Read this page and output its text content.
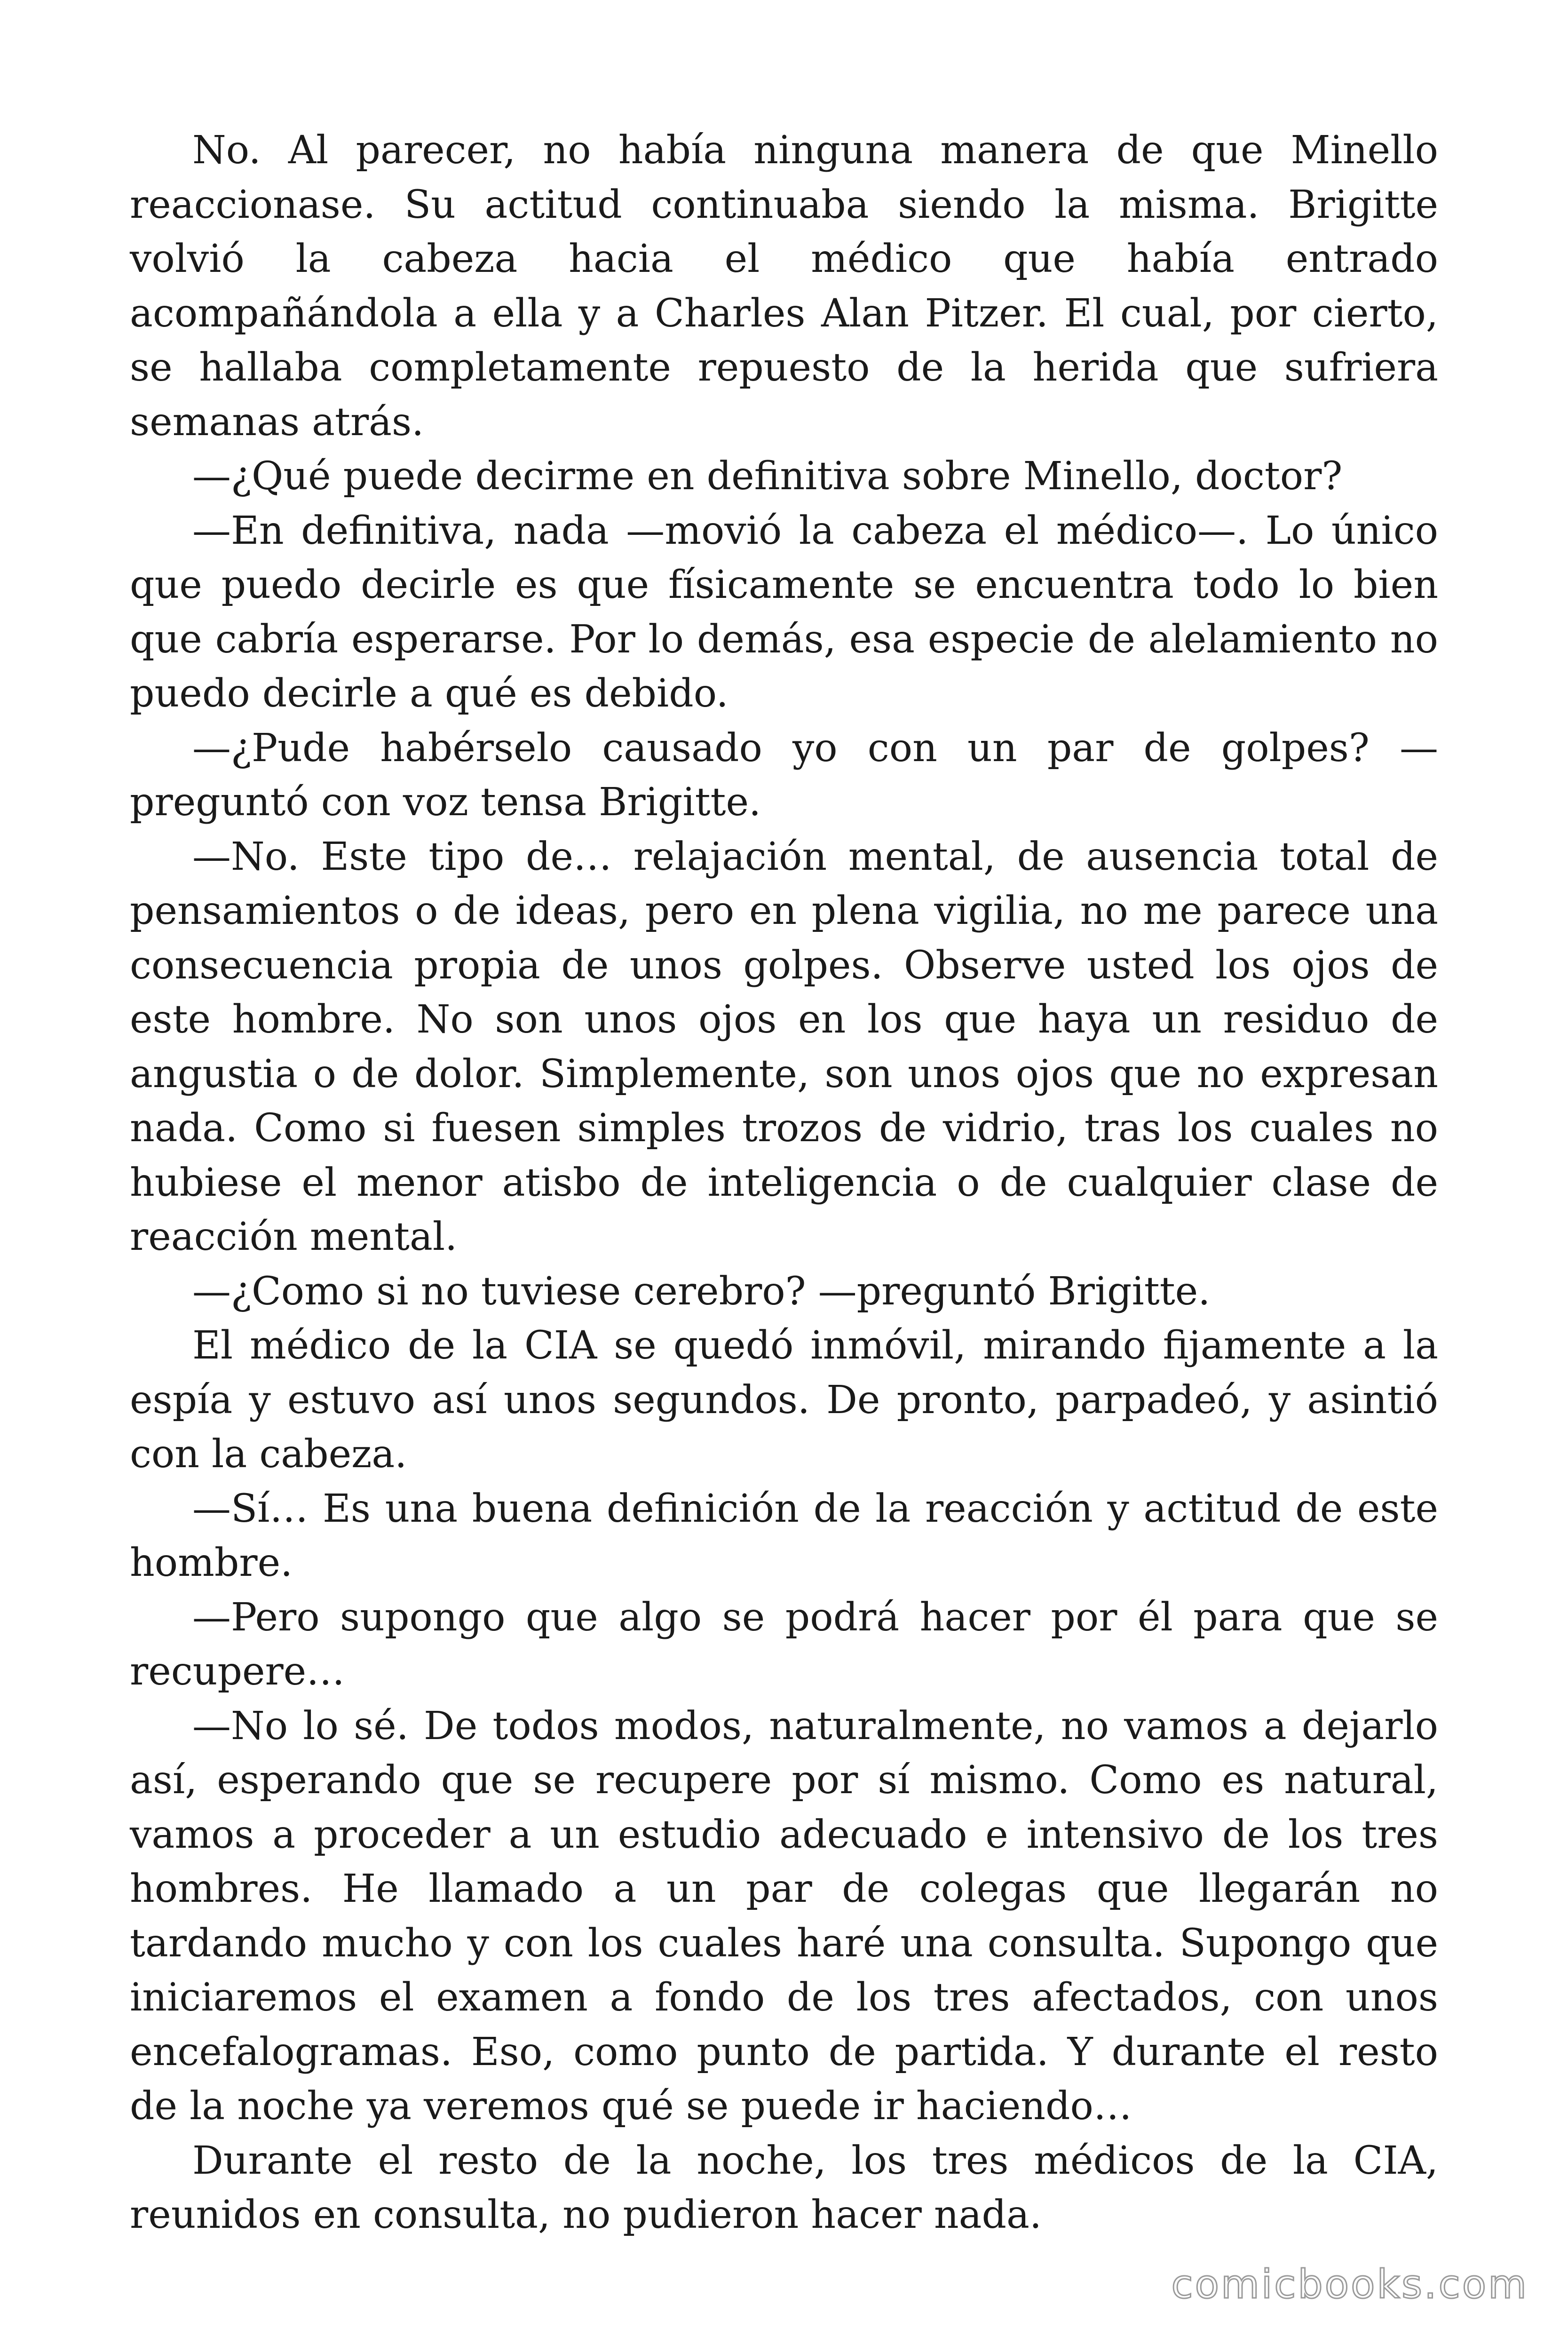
No. Al parecer, no había ninguna manera de que Minello reaccionase. Su actitud continuaba siendo la misma. Brigitte volvió la cabeza hacia el médico que había entrado acompañándola a ella y a Charles Alan Pitzer. El cual, por cierto, se hallaba completamente repuesto de la herida que sufriera semanas atrás.

—¿Qué puede decirme en definitiva sobre Minello, doctor?

—En definitiva, nada —movió la cabeza el médico—. Lo único que puedo decirle es que físicamente se encuentra todo lo bien que cabría esperarse. Por lo demás, esa especie de alelamiento no puedo decirle a qué es debido.

—¿Pude habérselo causado yo con un par de golpes? —preguntó con voz tensa Brigitte.

—No. Este tipo de… relajación mental, de ausencia total de pensamientos o de ideas, pero en plena vigilia, no me parece una consecuencia propia de unos golpes. Observe usted los ojos de este hombre. No son unos ojos en los que haya un residuo de angustia o de dolor. Simplemente, son unos ojos que no expresan nada. Como si fuesen simples trozos de vidrio, tras los cuales no hubiese el menor atisbo de inteligencia o de cualquier clase de reacción mental.

—¿Como si no tuviese cerebro? —preguntó Brigitte.

El médico de la CIA se quedó inmóvil, mirando fijamente a la espía y estuvo así unos segundos. De pronto, parpadeó, y asintió con la cabeza.

—Sí… Es una buena definición de la reacción y actitud de este hombre.

—Pero supongo que algo se podrá hacer por él para que se recupere…

—No lo sé. De todos modos, naturalmente, no vamos a dejarlo así, esperando que se recupere por sí mismo. Como es natural, vamos a proceder a un estudio adecuado e intensivo de los tres hombres. He llamado a un par de colegas que llegarán no tardando mucho y con los cuales haré una consulta. Supongo que iniciaremos el examen a fondo de los tres afectados, con unos encefalogramas. Eso, como punto de partida. Y durante el resto de la noche ya veremos qué se puede ir haciendo…

Durante el resto de la noche, los tres médicos de la CIA, reunidos en consulta, no pudieron hacer nada.

comicbooks.com
